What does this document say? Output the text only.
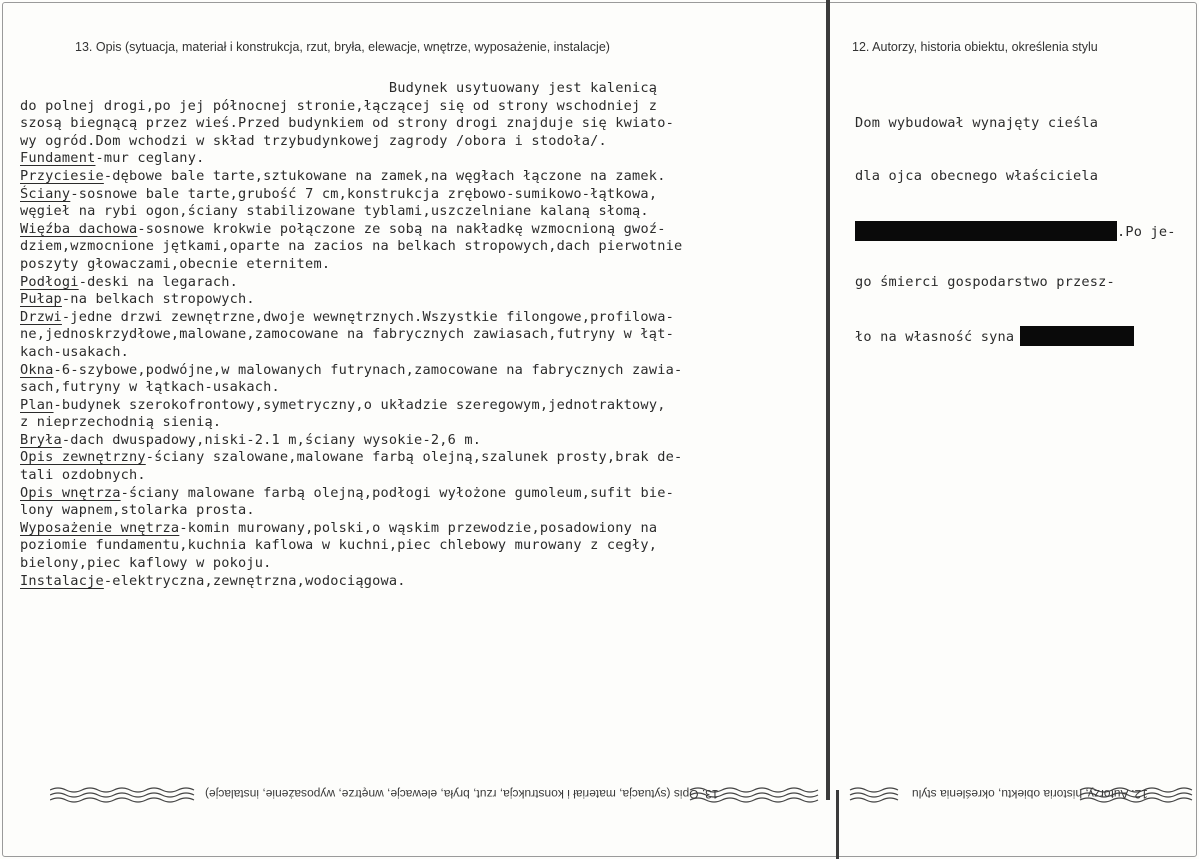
13. Opis (sytuacja, materiał i konstrukcja, rzut, bryła, elewacje, wnętrze, wyposażenie, instalacje)	12. Autorzy, historia obiektu, określenia stylu
Budynek usytuowany jest kalenicą
do polnej drogi,po jej północnej stronie,łączącej się od strony wschodniej z
szosą biegnącą przez wieś.Przed budynkiem od strony drogi znajduje się kwiato-
wy ogród.Dom wchodzi w skład trzybudynkowej zagrody /obora i stodoła/.
Fundament-mur ceglany.
Przyciesie-dębowe bale tarte,sztukowane na zamek,na węgłach łączone na zamek.
Ściany-sosnowe bale tarte,grubość 7 cm,konstrukcja zrębowo-sumikowo-łątkowa,
węgieł na rybi ogon,ściany stabilizowane tyblami,uszczelniane kalaną słomą.
Więźba dachowa-sosnowe krokwie połączone ze sobą na nakładkę wzmocnioną gwoź-
dziem,wzmocnione jętkami,oparte na zacios na belkach stropowych,dach pierwotnie
poszyty głowaczami,obecnie eternitem.
Podłogi-deski na legarach.
Pułap-na belkach stropowych.
Drzwi-jedne drzwi zewnętrzne,dwoje wewnętrznych.Wszystkie filongowe,profilowa-
ne,jednoskrzydłowe,malowane,zamocowane na fabrycznych zawiasach,futryny w łąt-
kach-usakach.
Okna-6-szybowe,podwójne,w malowanych futrynach,zamocowane na fabrycznych zawia-
sach,futryny w łątkach-usakach.
Plan-budynek szerokofrontowy,symetryczny,o układzie szeregowym,jednotraktowy,
z nieprzechodnią sienią.
Bryła-dach dwuspadowy,niski-2.1 m,ściany wysokie-2,6 m.
Opis zewnętrzny-ściany szalowane,malowane farbą olejną,szalunek prosty,brak de-
tali ozdobnych.
Opis wnętrza-ściany malowane farbą olejną,podłogi wyłożone gumoleum,sufit bie-
lony wapnem,stolarka prosta.
Wyposażenie wnętrza-komin murowany,polski,o wąskim przewodzie,posadowiony na
poziomie fundamentu,kuchnia kaflowa w kuchni,piec chlebowy murowany z cegły,
bielony,piec kaflowy w pokoju.
Instalacje-elektryczna,zewnętrzna,wodociągowa.

Dom wybudował wynajęty cieśla

dla ojca obecnego właściciela

.Po je-

go śmierci gospodarstwo przesz-

ło na własność syna

13. Opis (sytuacja, materiał i konstrukcja, rzut, bryła, elewacje, wnętrze, wyposażenie, instalacje)	12. Autorzy, historia obiektu, określenia stylu
